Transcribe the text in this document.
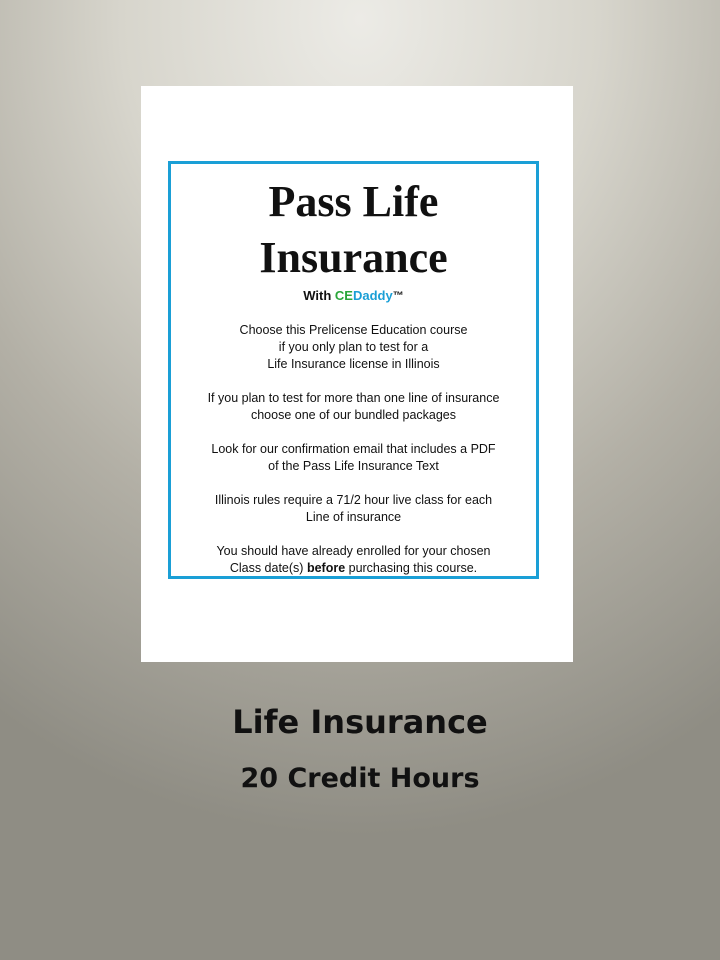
Pass Life
Insurance
With CEDaddy™

Choose this Prelicense Education course
if you only plan to test for a
Life Insurance license in Illinois

If you plan to test for more than one line of insurance
choose one of our bundled packages

Look for our confirmation email that includes a PDF
of the Pass Life Insurance Text

Illinois rules require a 71/2 hour live class for each
Line of insurance

You should have already enrolled for your chosen
Class date(s) before purchasing this course.

Life Insurance
20 Credit Hours
